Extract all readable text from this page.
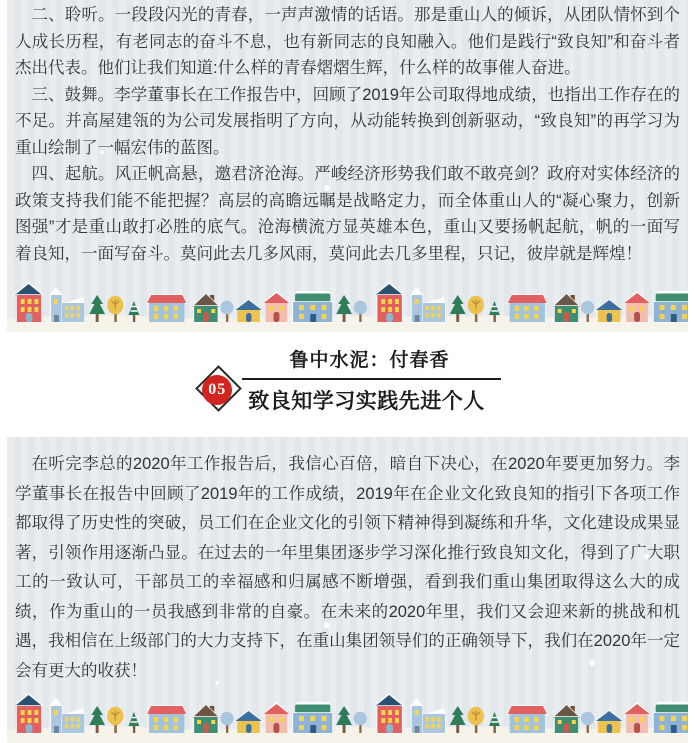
二、聆听。一段段闪光的青春，一声声激情的话语。那是重山人的倾诉，从团队情怀到个人成长历程，有老同志的奋斗不息，也有新同志的良知融入。他们是践行“致良知”和奋斗者杰出代表。他们让我们知道:什么样的青春熠熠生辉，什么样的故事催人奋进。

三、鼓舞。李学董事长在工作报告中，回顾了2019年公司取得地成绩，也指出工作存在的不足。并高屋建瓴的为公司发展指明了方向，从动能转换到创新驱动，“致良知”的再学习为重山绘制了一幅宏伟的蓝图。

四、起航。风正帆高悬，邀君济沧海。严峻经济形势我们敢不敢亮剑？政府对实体经济的政策支持我们能不能把握？高层的高瞻远瞩是战略定力，而全体重山人的“凝心聚力，创新图强”才是重山敢打必胜的底气。沧海横流方显英雄本色，重山又要扬帆起航，帆的一面写着良知，一面写奋斗。莫问此去几多风雨，莫问此去几多里程，只记，彼岸就是辉煌！

05
鲁中水泥：付春香
致良知学习实践先进个人

在听完李总的2020年工作报告后，我信心百倍，暗自下决心，在2020年要更加努力。李学董事长在报告中回顾了2019年的工作成绩，2019年在企业文化致良知的指引下各项工作都取得了历史性的突破，员工们在企业文化的引领下精神得到凝练和升华，文化建设成果显著，引领作用逐渐凸显。在过去的一年里集团逐步学习深化推行致良知文化，得到了广大职工的一致认可，干部员工的幸福感和归属感不断增强，看到我们重山集团取得这么大的成绩，作为重山的一员我感到非常的自豪。在未来的2020年里，我们又会迎来新的挑战和机遇，我相信在上级部门的大力支持下，在重山集团领导们的正确领导下，我们在2020年一定会有更大的收获！
